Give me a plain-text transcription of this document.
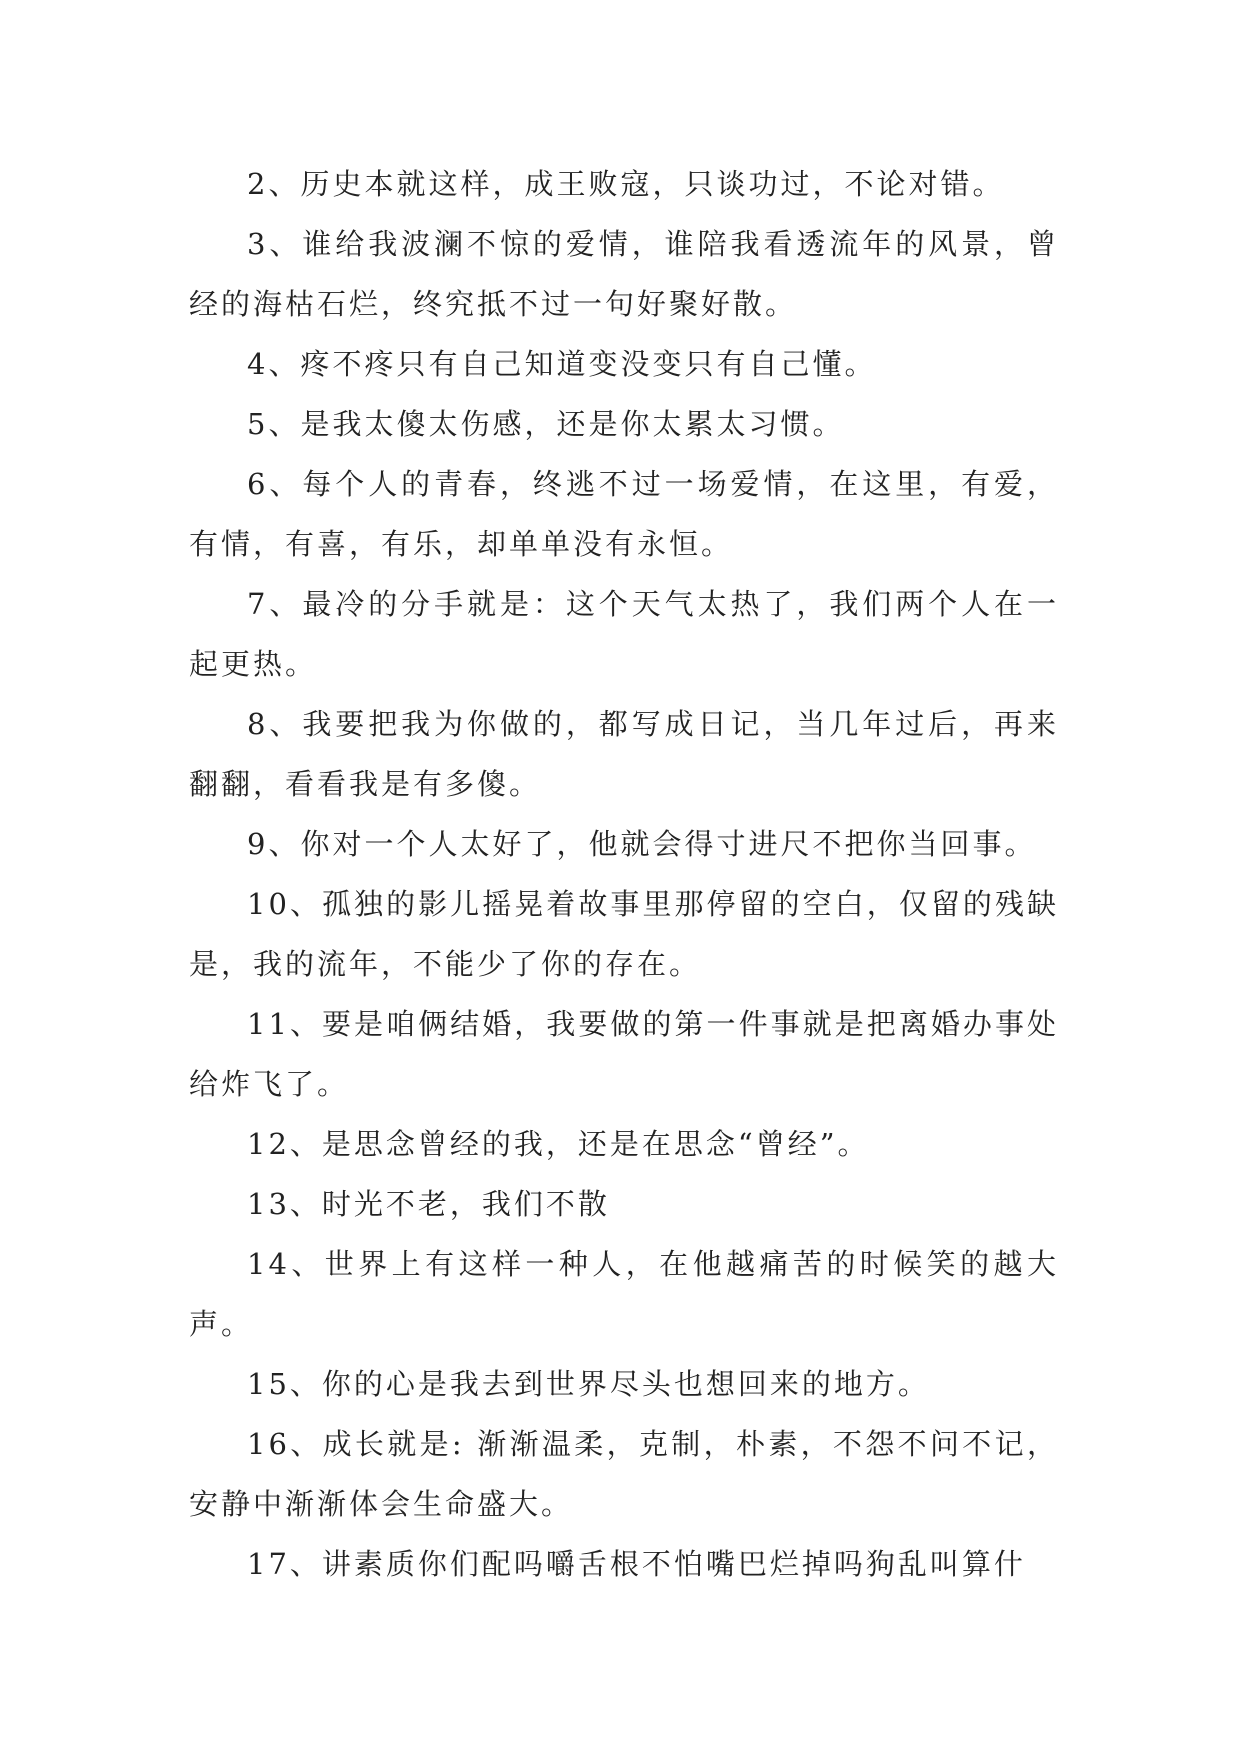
2、历史本就这样，成王败寇，只谈功过，不论对错。

3、谁给我波澜不惊的爱情，谁陪我看透流年的风景，曾经的海枯石烂，终究抵不过一句好聚好散。

4、疼不疼只有自己知道变没变只有自己懂。

5、是我太傻太伤感，还是你太累太习惯。

6、每个人的青春，终逃不过一场爱情，在这里，有爱，有情，有喜，有乐，却单单没有永恒。

7、最冷的分手就是：这个天气太热了，我们两个人在一起更热。

8、我要把我为你做的，都写成日记，当几年过后，再来翻翻，看看我是有多傻。

9、你对一个人太好了，他就会得寸进尺不把你当回事。

10、孤独的影儿摇晃着故事里那停留的空白，仅留的残缺是，我的流年，不能少了你的存在。

11、要是咱俩结婚，我要做的第一件事就是把离婚办事处给炸飞了。

12、是思念曾经的我，还是在思念“曾经”。

13、时光不老，我们不散

14、世界上有这样一种人，在他越痛苦的时候笑的越大声。

15、你的心是我去到世界尽头也想回来的地方。

16、成长就是: 渐渐温柔，克制，朴素，不怨不问不记，安静中渐渐体会生命盛大。

17、讲素质你们配吗嚼舌根不怕嘴巴烂掉吗狗乱叫算什
